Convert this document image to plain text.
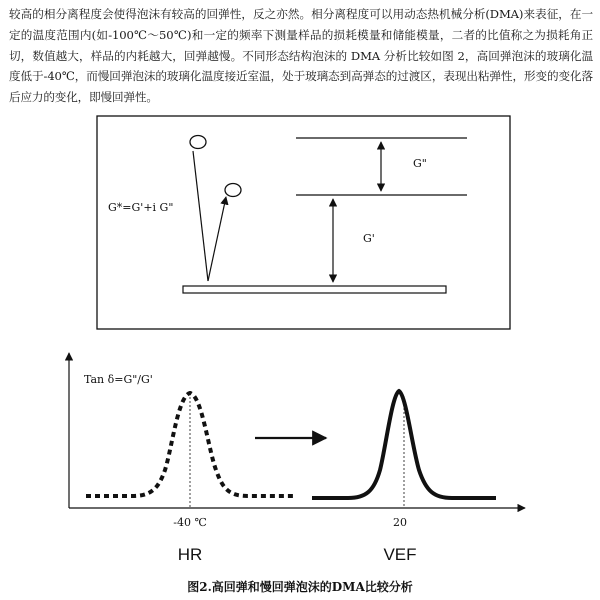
较高的相分离程度会使得泡沫有较高的回弹性，反之亦然。相分离程度可以用动态热机械分析(DMA)来表征，在一定的温度范围内(如-100℃～50℃)和一定的频率下测量样品的损耗模量和储能模量，二者的比值称之为损耗角正切，数值越大，样品的内耗越大，回弹越慢。不同形态结构泡沫的 DMA 分析比较如图 2，高回弹泡沫的玻璃化温度低于-40℃，而慢回弹泡沫的玻璃化温度接近室温，处于玻璃态到高弹态的过渡区，表现出粘弹性，形变的变化落后应力的变化，即慢回弹性。

G*=G'+i G"
G"
G'
Tan δ=G"/G'
-40 ℃	20
HR	VEF
图2.高回弹和慢回弹泡沫的DMA比较分析
